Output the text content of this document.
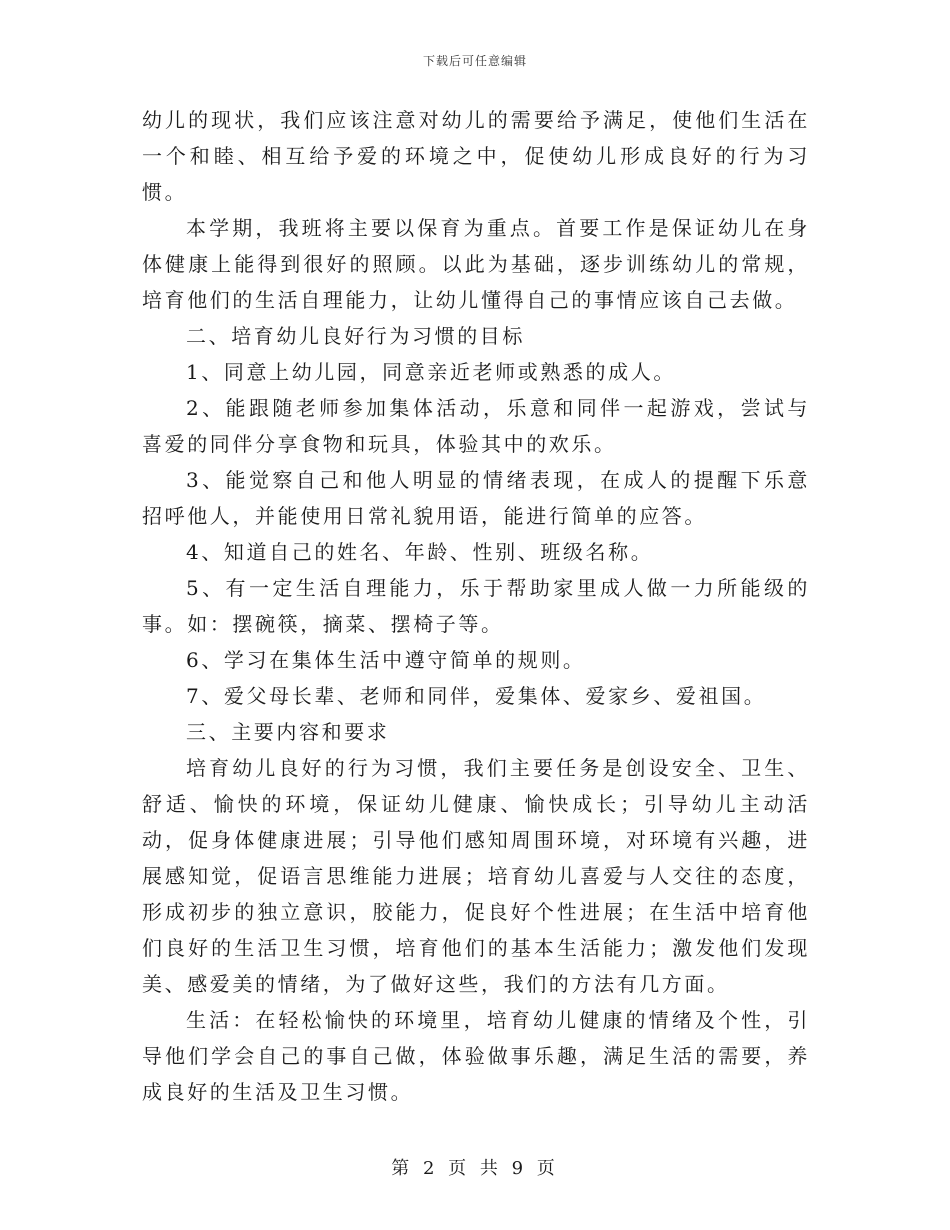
下载后可任意编辑

幼儿的现状，我们应该注意对幼儿的需要给予满足，使他们生活在一个和睦、相互给予爱的环境之中，促使幼儿形成良好的行为习惯。

本学期，我班将主要以保育为重点。首要工作是保证幼儿在身体健康上能得到很好的照顾。以此为基础，逐步训练幼儿的常规，培育他们的生活自理能力，让幼儿懂得自己的事情应该自己去做。

二、培育幼儿良好行为习惯的目标

1、同意上幼儿园，同意亲近老师或熟悉的成人。

2、能跟随老师参加集体活动，乐意和同伴一起游戏，尝试与喜爱的同伴分享食物和玩具，体验其中的欢乐。

3、能觉察自己和他人明显的情绪表现，在成人的提醒下乐意招呼他人，并能使用日常礼貌用语，能进行简单的应答。

4、知道自己的姓名、年龄、性别、班级名称。

5、有一定生活自理能力，乐于帮助家里成人做一力所能级的事。如：摆碗筷，摘菜、摆椅子等。

6、学习在集体生活中遵守简单的规则。

7、爱父母长辈、老师和同伴，爱集体、爱家乡、爱祖国。

三、主要内容和要求

培育幼儿良好的行为习惯，我们主要任务是创设安全、卫生、舒适、愉快的环境，保证幼儿健康、愉快成长；引导幼儿主动活动，促身体健康进展；引导他们感知周围环境，对环境有兴趣，进展感知觉，促语言思维能力进展；培育幼儿喜爱与人交往的态度，形成初步的独立意识，胶能力，促良好个性进展；在生活中培育他们良好的生活卫生习惯，培育他们的基本生活能力；激发他们发现美、感爱美的情绪，为了做好这些，我们的方法有几方面。

生活：在轻松愉快的环境里，培育幼儿健康的情绪及个性，引导他们学会自己的事自己做，体验做事乐趣，满足生活的需要，养成良好的生活及卫生习惯。

第 2 页 共 9 页
